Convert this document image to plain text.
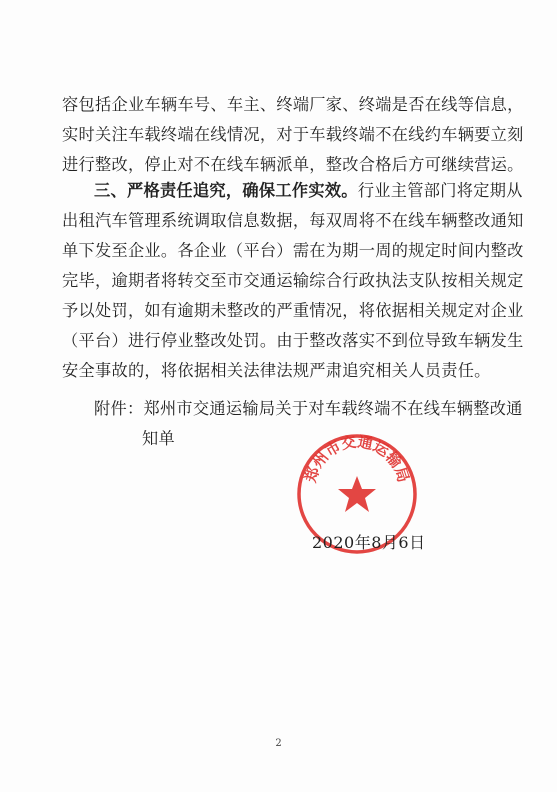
容包括企业车辆车号、车主、终端厂家、终端是否在线等信息，
实时关注车载终端在线情况，对于车载终端不在线约车辆要立刻
进行整改，停止对不在线车辆派单，整改合格后方可继续营运。
三、严格责任追究，确保工作实效。行业主管部门将定期从
出租汽车管理系统调取信息数据，每双周将不在线车辆整改通知
单下发至企业。各企业（平台）需在为期一周的规定时间内整改
完毕，逾期者将转交至市交通运输综合行政执法支队按相关规定
予以处罚，如有逾期未整改的严重情况，将依据相关规定对企业
（平台）进行停业整改处罚。由于整改落实不到位导致车辆发生
安全事故的，将依据相关法律法规严肃追究相关人员责任。
附件：郑州市交通运输局关于对车载终端不在线车辆整改通
知单
郑州市交通运输局
2020年8月6日
2
